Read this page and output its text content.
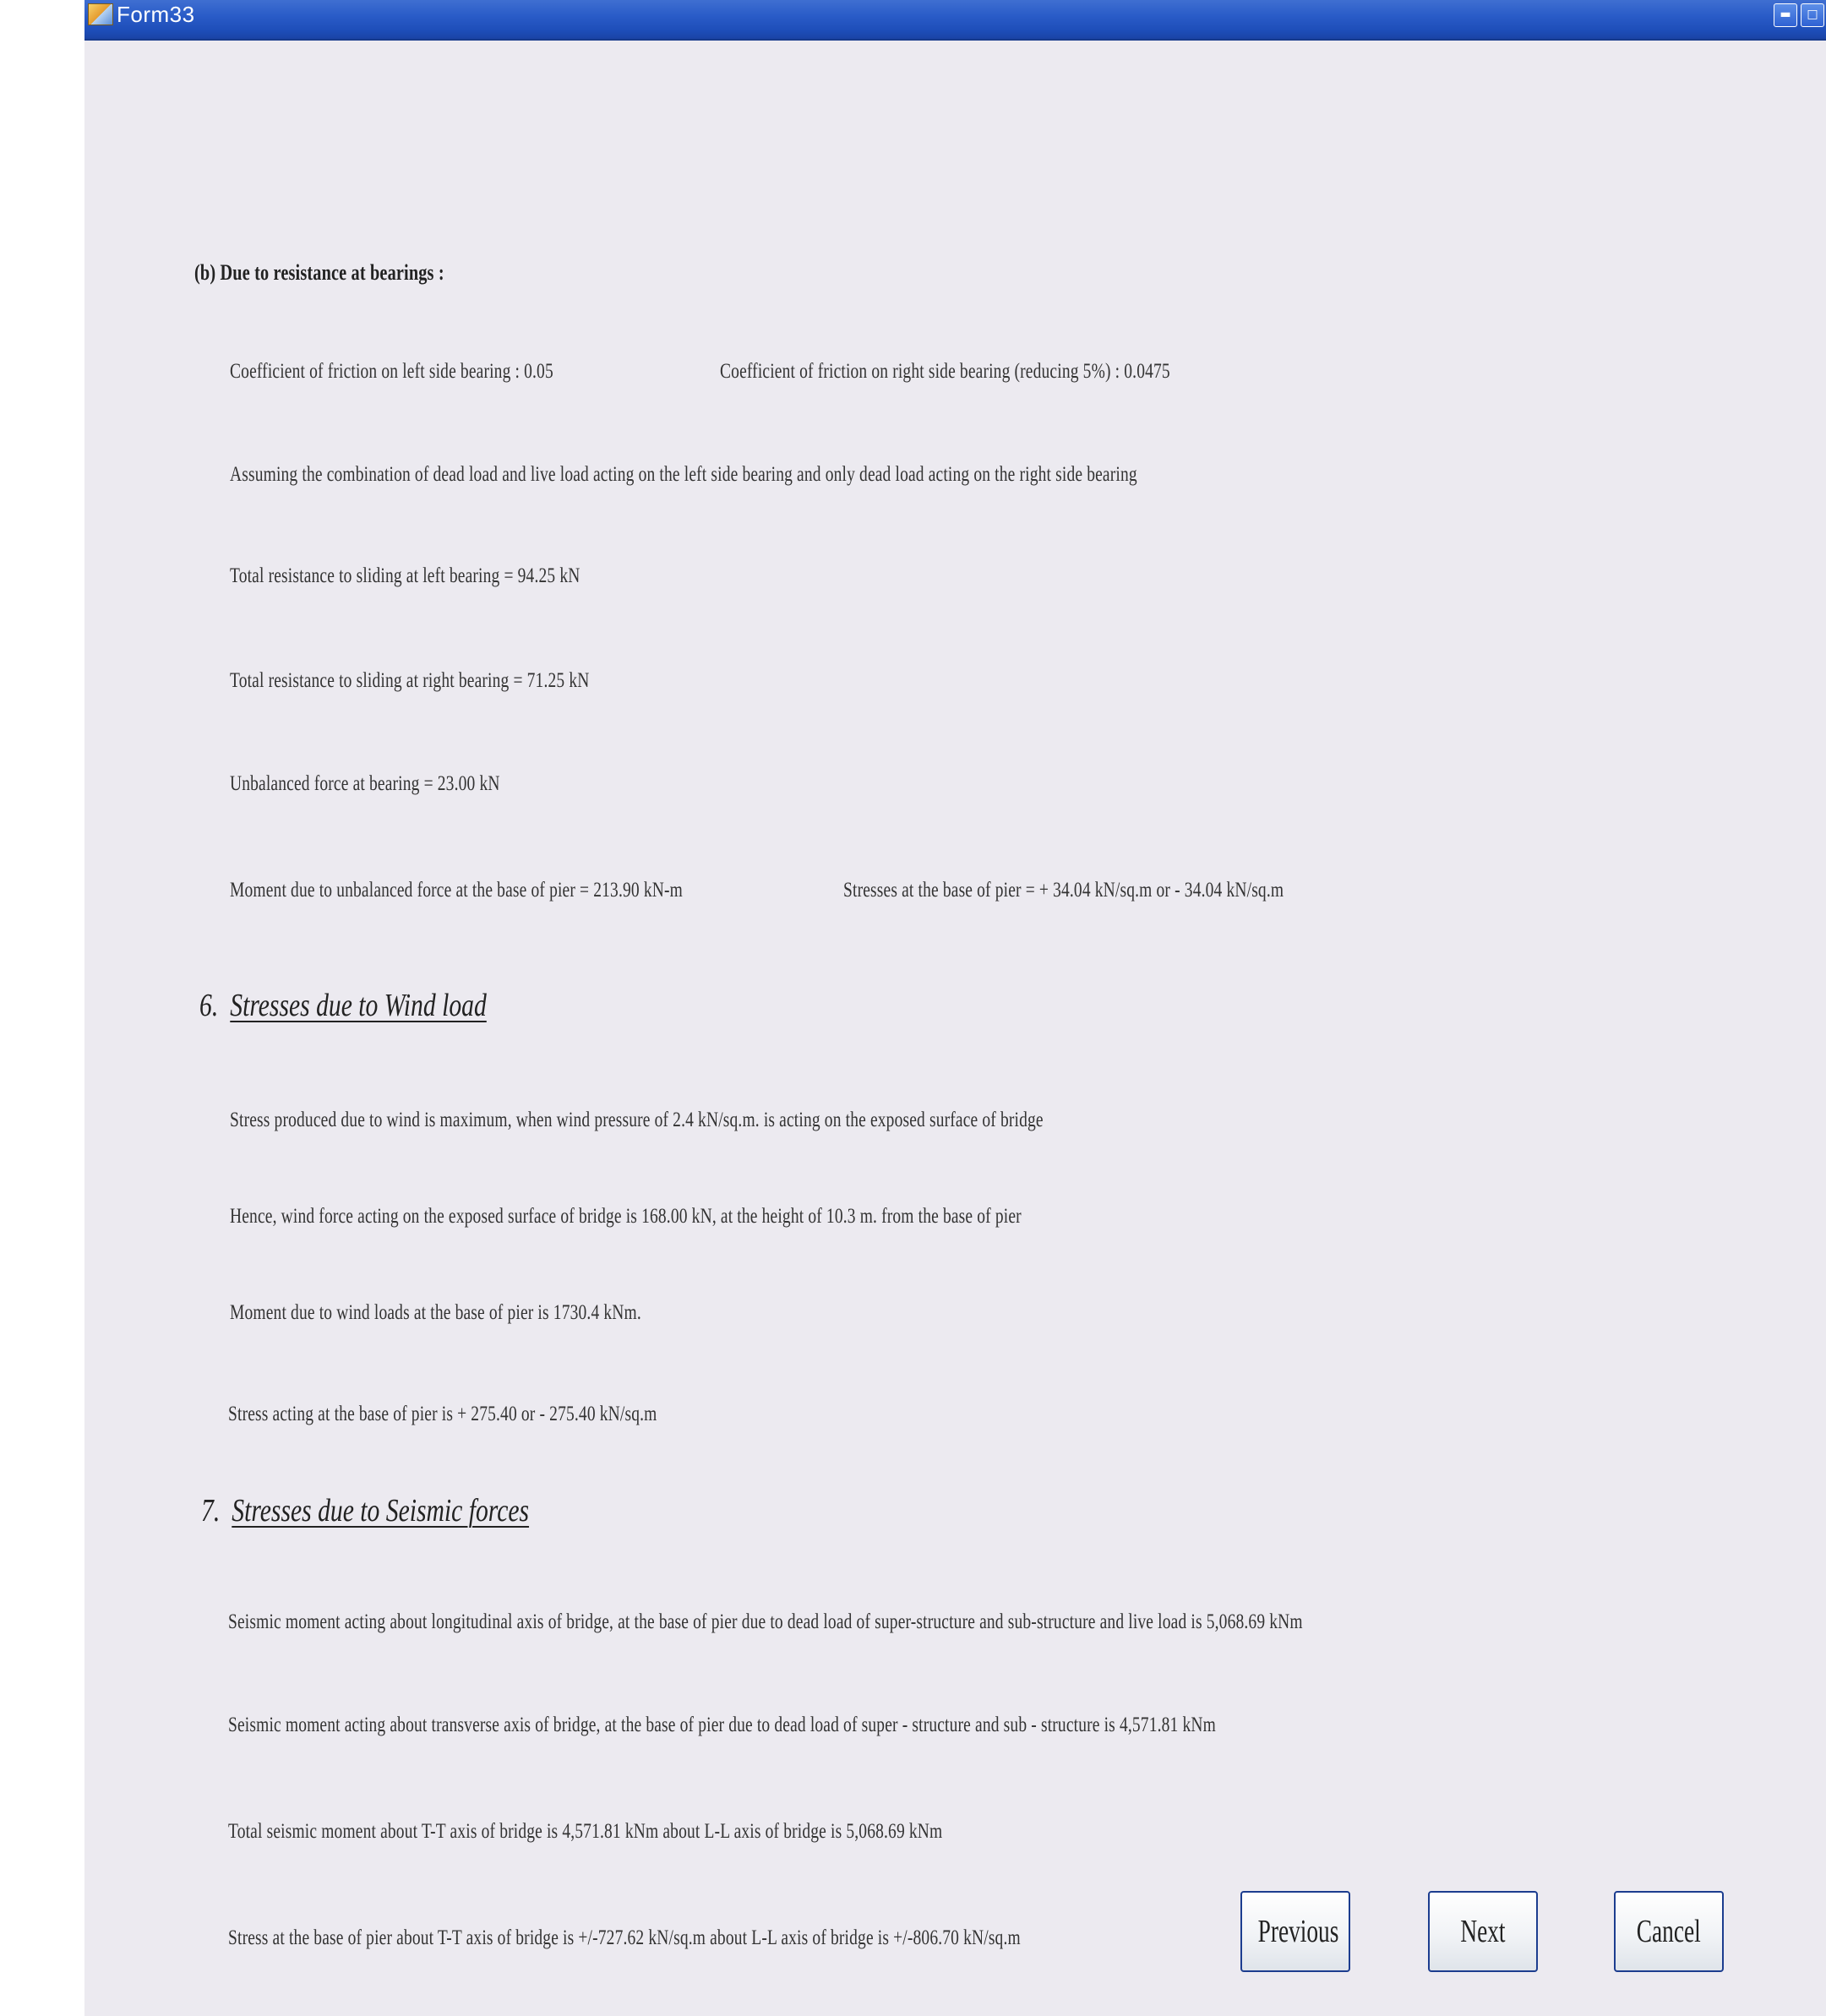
Form33	▬	□
(b) Due to resistance at bearings :
Coefficient of friction on left side bearing : 0.05	Coefficient of friction on right side bearing (reducing 5%) : 0.0475
Assuming the combination of dead load and live load acting on the left side bearing and only dead load acting on the right side bearing
Total resistance to sliding at left bearing = 94.25 kN
Total resistance to sliding at right bearing = 71.25 kN
Unbalanced force at bearing = 23.00 kN
Moment due to unbalanced force at the base of pier = 213.90 kN-m	Stresses at the base of pier = + 34.04 kN/sq.m or - 34.04 kN/sq.m
6. Stresses due to Wind load
Stress produced due to wind is maximum, when wind pressure of 2.4 kN/sq.m. is acting on the exposed surface of bridge
Hence, wind force acting on the exposed surface of bridge is 168.00 kN, at the height of 10.3 m. from the base of pier
Moment due to wind loads at the base of pier is 1730.4 kNm.
Stress acting at the base of pier is + 275.40 or - 275.40 kN/sq.m
7. Stresses due to Seismic forces
Seismic moment acting about longitudinal axis of bridge, at the base of pier due to dead load of super-structure and sub-structure and live load is 5,068.69 kNm
Seismic moment acting about transverse axis of bridge, at the base of pier due to dead load of super - structure and sub - structure is 4,571.81 kNm
Total seismic moment about T-T axis of bridge is 4,571.81 kNm about L-L axis of bridge is 5,068.69 kNm
Stress at the base of pier about T-T axis of bridge is +/-727.62 kN/sq.m about L-L axis of bridge is +/-806.70 kN/sq.m	Previous	Next	Cancel
